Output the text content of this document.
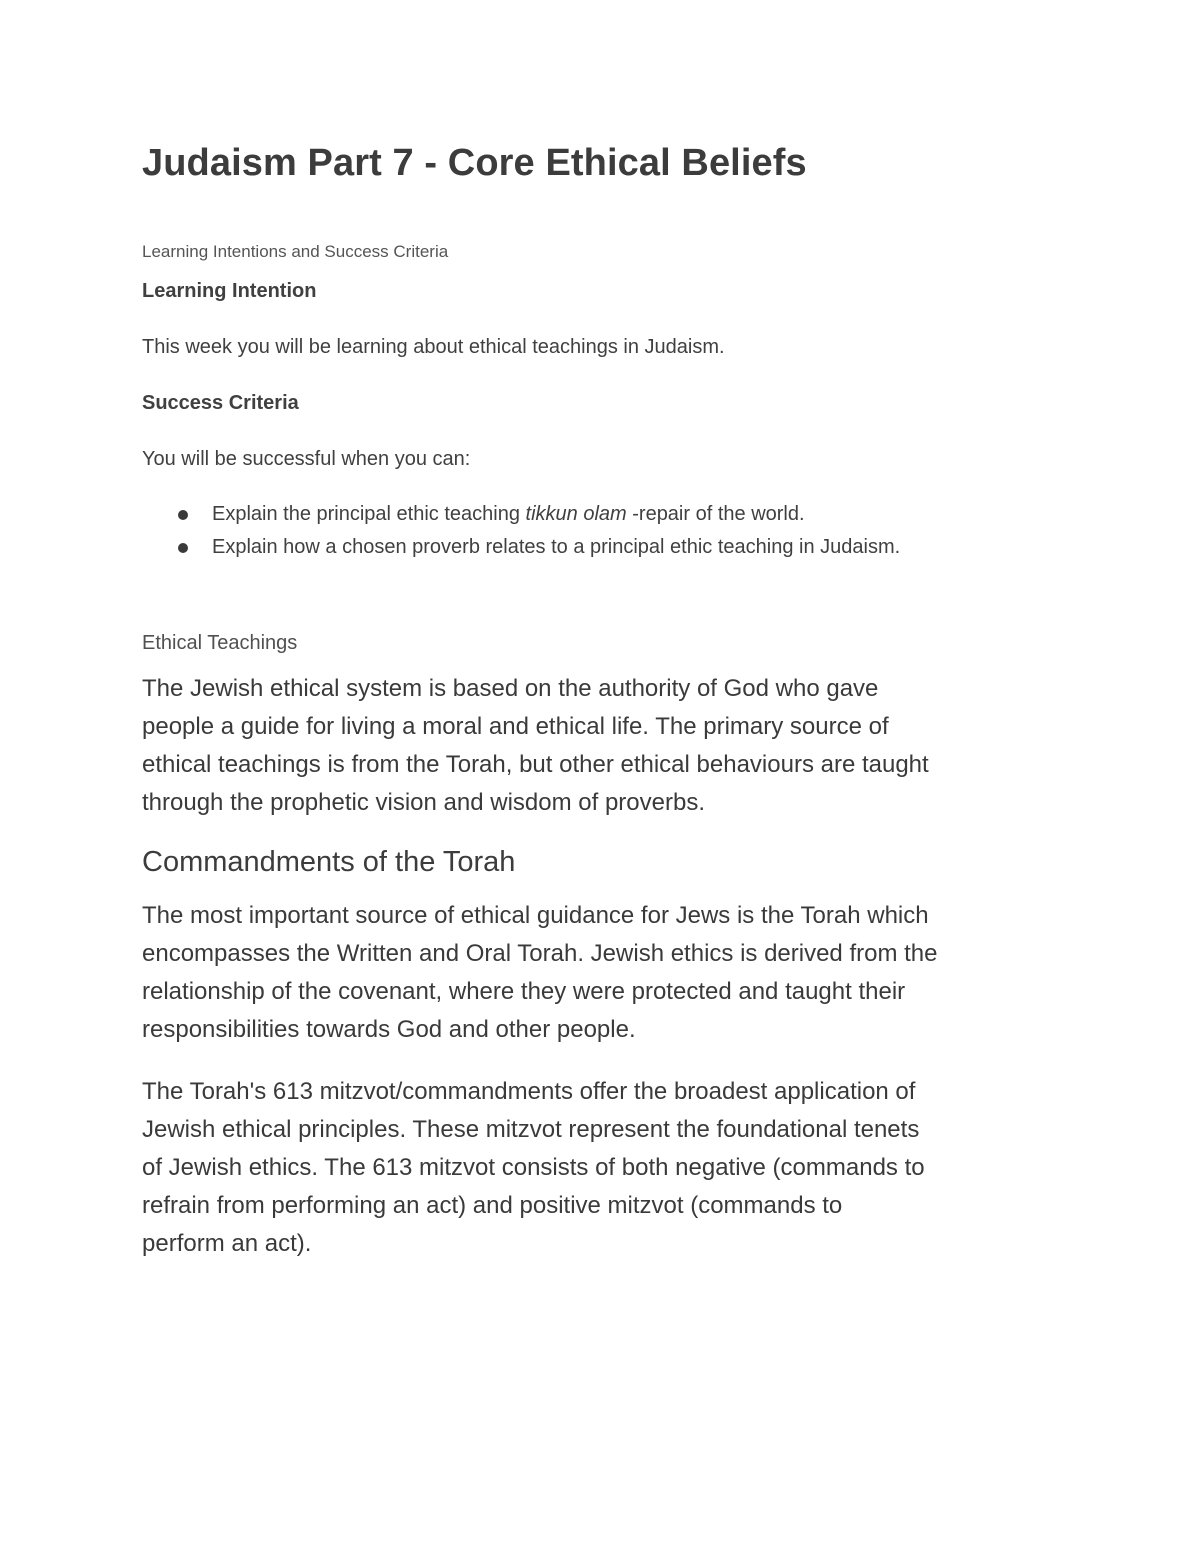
Judaism Part 7 - Core Ethical Beliefs

Learning Intentions and Success Criteria

Learning Intention

This week you will be learning about ethical teachings in Judaism.

Success Criteria

You will be successful when you can:

Explain the principal ethic teaching tikkun olam -repair of the world.
Explain how a chosen proverb relates to a principal ethic teaching in Judaism.

Ethical Teachings

The Jewish ethical system is based on the authority of God who gave
people a guide for living a moral and ethical life. The primary source of
ethical teachings is from the Torah, but other ethical behaviours are taught
through the prophetic vision and wisdom of proverbs.

Commandments of the Torah

The most important source of ethical guidance for Jews is the Torah which
encompasses the Written and Oral Torah. Jewish ethics is derived from the
relationship of the covenant, where they were protected and taught their
responsibilities towards God and other people.

The Torah's 613 mitzvot/commandments offer the broadest application of
Jewish ethical principles. These mitzvot represent the foundational tenets
of Jewish ethics. The 613 mitzvot consists of both negative (commands to
refrain from performing an act) and positive mitzvot (commands to
perform an act).
